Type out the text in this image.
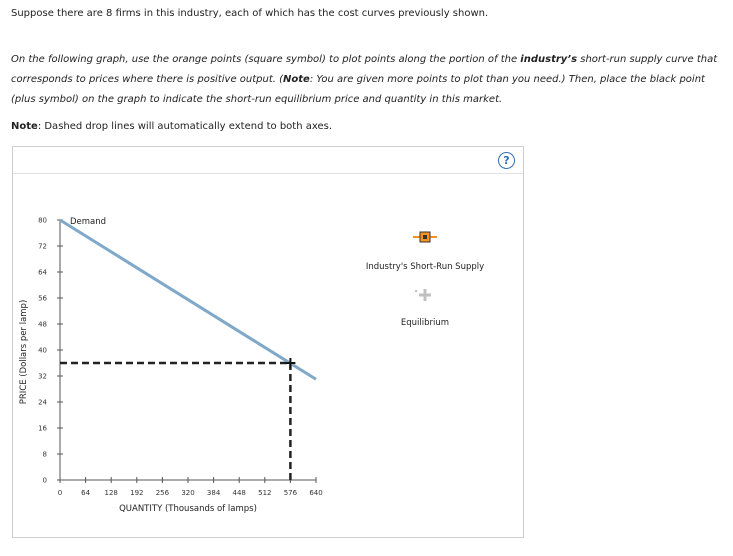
Suppose there are 8 firms in this industry, each of which has the cost curves previously shown.
On the following graph, use the orange points (square symbol) to plot points along the portion of the industry’s short-run supply curve that corresponds to prices where there is positive output. (Note: You are given more points to plot than you need.) Then, place the black point (plus symbol) on the graph to indicate the short-run equilibrium price and quantity in this market.
Note: Dashed drop lines will automatically extend to both axes.
?
0
8
16
24
32
40
48
56
64
72
80
0	64 128 192 256 320 384 448 512 576 640
Demand
PRICE (Dollars per lamp)
QUANTITY (Thousands of lamps)
Industry's Short-Run Supply
Equilibrium
